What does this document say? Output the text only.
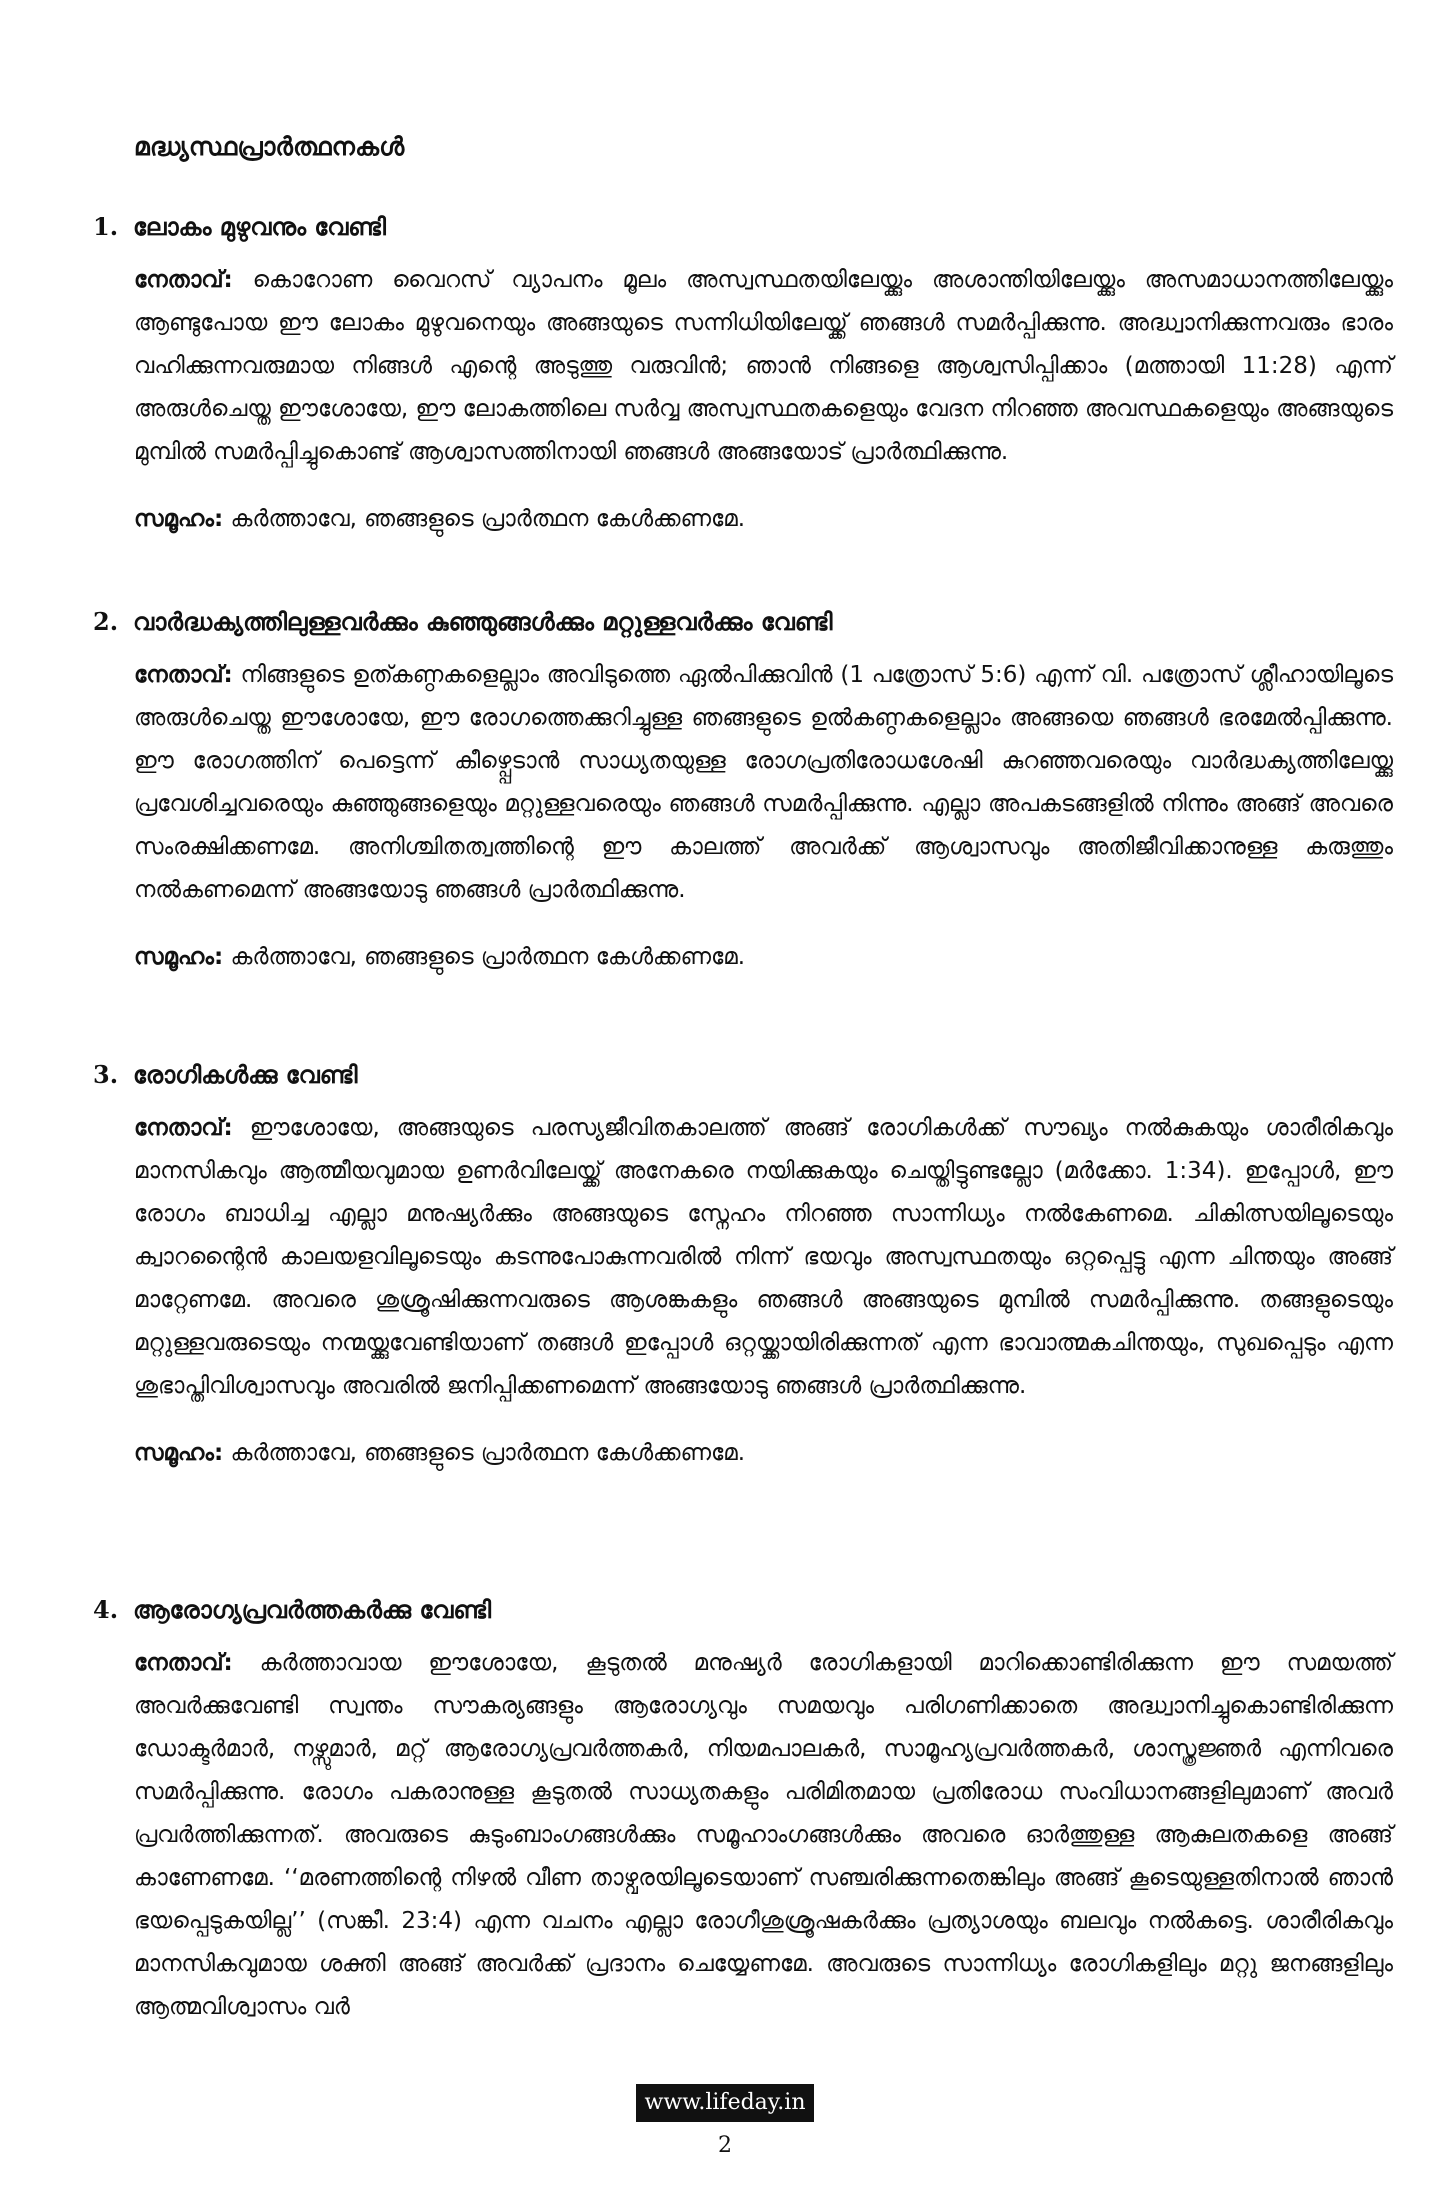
മദ്ധ്യസ്ഥപ്രാർത്ഥനകൾ
1. ലോകം മുഴുവനും വേണ്ടി
നേതാവ്: കൊറോണ വൈറസ് വ്യാപനം മൂലം അസ്വസ്ഥതയിലേയ്ക്കും അശാന്തിയിലേയ്ക്കും അസമാധാനത്തിലേയ്ക്കും ആണ്ടുപോയ ഈ ലോകം മുഴുവനെയും അങ്ങയുടെ സന്നിധിയിലേയ്ക്ക് ഞങ്ങൾ സമർപ്പിക്കുന്നു. അദ്ധ്വാനിക്കുന്നവരും ഭാരം വഹിക്കുന്നവരുമായ നിങ്ങൾ എന്റെ അടുത്തു വരുവിൻ; ഞാൻ നിങ്ങളെ ആശ്വസിപ്പിക്കാം (മത്തായി 11:28) എന്ന് അരുൾചെയ്ത ഈശോയേ, ഈ ലോകത്തിലെ സർവ്വ അസ്വസ്ഥതകളെയും വേദന നിറഞ്ഞ അവസ്ഥകളെയും അങ്ങയുടെ മുമ്പിൽ സമർപ്പിച്ചുകൊണ്ട് ആശ്വാസത്തിനായി ഞങ്ങൾ അങ്ങയോട് പ്രാർത്ഥിക്കുന്നു.
സമൂഹം: കർത്താവേ, ഞങ്ങളുടെ പ്രാർത്ഥന കേൾക്കണമേ.
2. വാർദ്ധക്യത്തിലുള്ളവർക്കും കുഞ്ഞുങ്ങൾക്കും മറ്റുള്ളവർക്കും വേണ്ടി
നേതാവ്: നിങ്ങളുടെ ഉത്കണ്ഠകളെല്ലാം അവിടുത്തെ ഏൽപിക്കുവിൻ (1 പത്രോസ് 5:6) എന്ന് വി. പത്രോസ് ശ്ലീഹായിലൂടെ അരുൾചെയ്ത ഈശോയേ, ഈ രോഗത്തെക്കുറിച്ചുള്ള ഞങ്ങളുടെ ഉൽകണ്ഠകളെല്ലാം അങ്ങയെ ഞങ്ങൾ ഭരമേൽപ്പിക്കുന്നു. ഈ രോഗത്തിന് പെട്ടെന്ന് കീഴ്പ്പെടാൻ സാധ്യതയുള്ള രോഗപ്രതിരോധശേഷി കുറഞ്ഞവരെയും വാർദ്ധക്യത്തിലേയ്ക്കു പ്രവേശിച്ചവരെയും കുഞ്ഞുങ്ങളെയും മറ്റുള്ളവരെയും ഞങ്ങൾ സമർപ്പിക്കുന്നു. എല്ലാ അപകടങ്ങളിൽ നിന്നും അങ്ങ് അവരെ സംരക്ഷിക്കണമേ. അനിശ്ചിതത്വത്തിന്റെ ഈ കാലത്ത് അവർക്ക് ആശ്വാസവും അതിജീവിക്കാനുള്ള കരുത്തും നൽകണമെന്ന് അങ്ങയോടു ഞങ്ങൾ പ്രാർത്ഥിക്കുന്നു.
സമൂഹം: കർത്താവേ, ഞങ്ങളുടെ പ്രാർത്ഥന കേൾക്കണമേ.
3. രോഗികൾക്കു വേണ്ടി
നേതാവ്: ഈശോയേ, അങ്ങയുടെ പരസ്യജീവിതകാലത്ത് അങ്ങ് രോഗികൾക്ക് സൗഖ്യം നൽകുകയും ശാരീരികവും മാനസികവും ആത്മീയവുമായ ഉണർവിലേയ്ക്ക് അനേകരെ നയിക്കുകയും ചെയ്തിട്ടുണ്ടല്ലോ (മർക്കോ. 1:34). ഇപ്പോൾ, ഈ രോഗം ബാധിച്ച എല്ലാ മനുഷ്യർക്കും അങ്ങയുടെ സ്നേഹം നിറഞ്ഞ സാന്നിധ്യം നൽകേണമെ. ചികിത്സയിലൂടെയും ക്വാറന്റൈൻ കാലയളവിലൂടെയും കടന്നുപോകുന്നവരിൽ നിന്ന് ഭയവും അസ്വസ്ഥതയും ഒറ്റപ്പെട്ടു എന്ന ചിന്തയും അങ്ങ് മാറ്റേണമേ. അവരെ ശുശ്രൂഷിക്കുന്നവരുടെ ആശങ്കകളും ഞങ്ങൾ അങ്ങയുടെ മുമ്പിൽ സമർപ്പിക്കുന്നു. തങ്ങളുടെയും മറ്റുള്ളവരുടെയും നന്മയ്ക്കുവേണ്ടിയാണ് തങ്ങൾ ഇപ്പോൾ ഒറ്റയ്ക്കായിരിക്കുന്നത് എന്ന ഭാവാത്മകചിന്തയും, സുഖപ്പെടും എന്ന ശുഭാപ്തിവിശ്വാസവും അവരിൽ ജനിപ്പിക്കണമെന്ന് അങ്ങയോടു ഞങ്ങൾ പ്രാർത്ഥിക്കുന്നു.
സമൂഹം: കർത്താവേ, ഞങ്ങളുടെ പ്രാർത്ഥന കേൾക്കണമേ.
4. ആരോഗ്യപ്രവർത്തകർക്കു വേണ്ടി
നേതാവ്: കർത്താവായ ഈശോയേ, കൂടുതൽ മനുഷ്യർ രോഗികളായി മാറിക്കൊണ്ടിരിക്കുന്ന ഈ സമയത്ത് അവർക്കുവേണ്ടി സ്വന്തം സൗകര്യങ്ങളും ആരോഗ്യവും സമയവും പരിഗണിക്കാതെ അദ്ധ്വാനിച്ചുകൊണ്ടിരിക്കുന്ന ഡോക്ടർമാർ, നഴ്സുമാർ, മറ്റ് ആരോഗ്യപ്രവർത്തകർ, നിയമപാലകർ, സാമൂഹ്യപ്രവർത്തകർ, ശാസ്ത്രജ്ഞർ എന്നിവരെ സമർപ്പിക്കുന്നു. രോഗം പകരാനുള്ള കൂടുതൽ സാധ്യതകളും പരിമിതമായ പ്രതിരോധ സംവിധാനങ്ങളിലുമാണ് അവർ പ്രവർത്തിക്കുന്നത്. അവരുടെ കുടുംബാംഗങ്ങൾക്കും സമൂഹാംഗങ്ങൾക്കും അവരെ ഓർത്തുള്ള ആകുലതകളെ അങ്ങ് കാണേണമേ. ‘‘മരണത്തിന്റെ നിഴൽ വീണ താഴ്വരയിലൂടെയാണ് സഞ്ചരിക്കുന്നതെങ്കിലും അങ്ങ് കൂടെയുള്ളതിനാൽ ഞാൻ ഭയപ്പെടുകയില്ല’’ (സങ്കീ. 23:4) എന്ന വചനം എല്ലാ രോഗീശുശ്രൂഷകർക്കും പ്രത്യാശയും ബലവും നൽകട്ടെ. ശാരീരികവും മാനസികവുമായ ശക്തി അങ്ങ് അവർക്ക് പ്രദാനം ചെയ്യേണമേ. അവരുടെ സാന്നിധ്യം രോഗികളിലും മറ്റു ജനങ്ങളിലും ആത്മവിശ്വാസം വർ
www.lifeday.in
2
